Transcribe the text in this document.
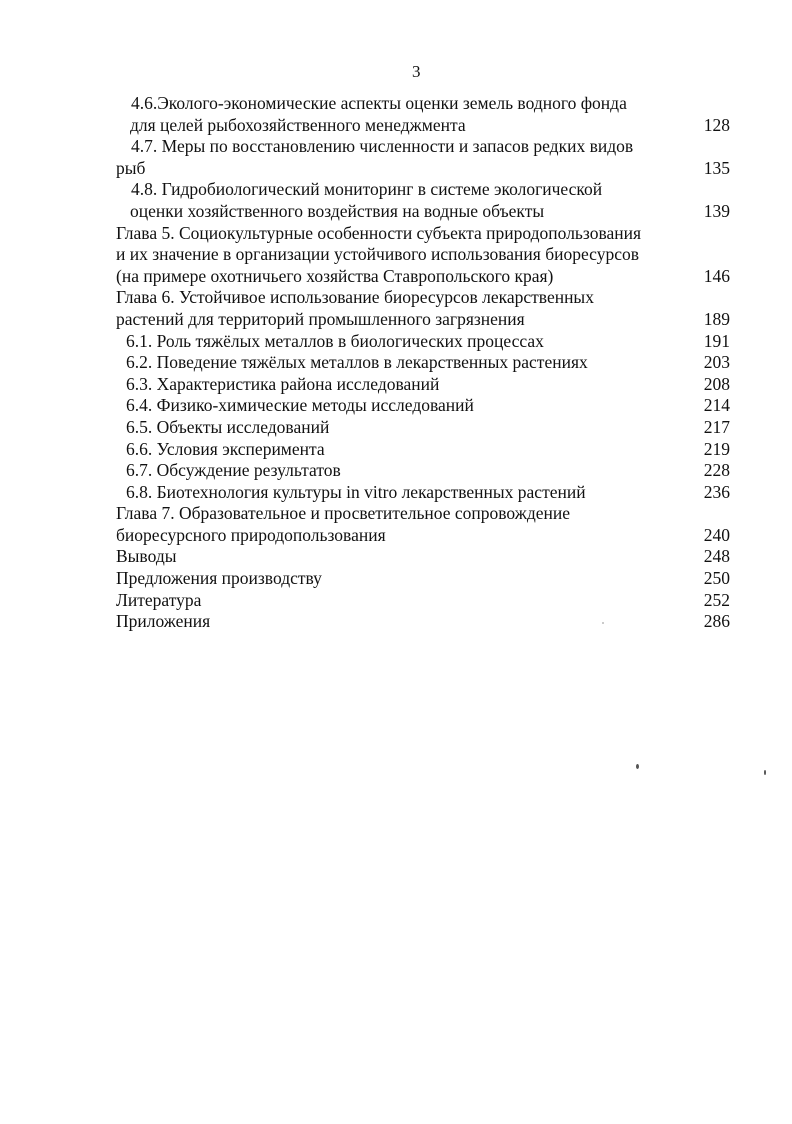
3
4.6.Эколого-экономические аспекты оценки земель водного фонда
для целей рыбохозяйственного менеджмента	128
4.7. Меры по восстановлению численности и запасов редких видов
рыб	135
4.8. Гидробиологический мониторинг в системе экологической
оценки хозяйственного воздействия на водные объекты	139
Глава 5. Социокультурные особенности субъекта природопользования
и их значение в организации устойчивого использования биоресурсов
(на примере охотничьего хозяйства Ставропольского края)	146
Глава 6. Устойчивое использование биоресурсов лекарственных
растений для территорий промышленного загрязнения	189
6.1. Роль тяжёлых металлов в биологических процессах	191
6.2. Поведение тяжёлых металлов в лекарственных растениях	203
6.3. Характеристика района исследований	208
6.4. Физико-химические методы исследований	214
6.5. Объекты исследований	217
6.6. Условия эксперимента	219
6.7. Обсуждение результатов	228
6.8. Биотехнология культуры in vitro лекарственных растений	236
Глава 7. Образовательное и просветительное сопровождение
биоресурсного природопользования	240
Выводы	248
Предложения производству	250
Литература	252
Приложения	286
